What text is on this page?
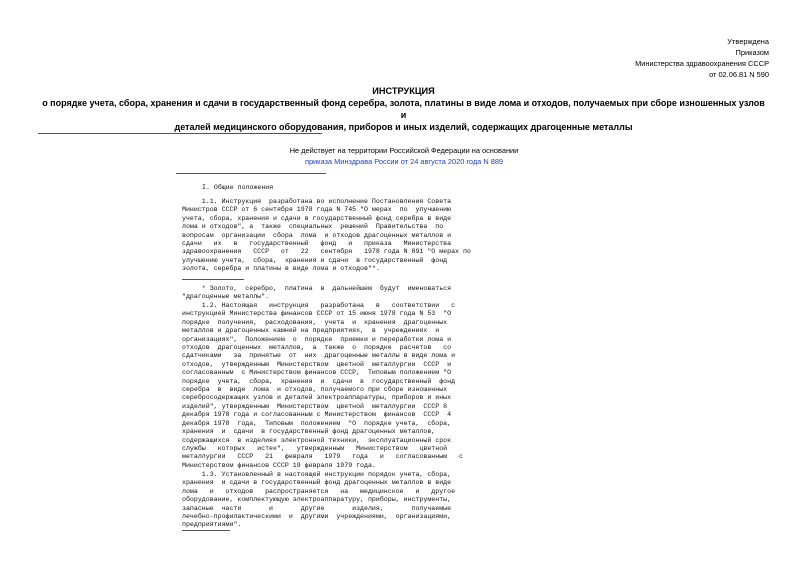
Утверждена
Приказом
Министерства здравоохранения СССР
от 02.06.81 N 590
ИНСТРУКЦИЯ
о порядке учета, сбора, хранения и сдачи в государственный фонд серебра, золота, платины в виде лома и отходов, получаемых при сборе изношенных узлов и
деталей медицинского оборудования, приборов и иных изделий, содержащих драгоценные металлы
Не действует на территории Российской Федерации на основании
приказа Минздрава России от 24 августа 2020 года N 889
I. Общие положения
1.1. Инструкция  разработана во исполнение Постановления Совета
Министров СССР от 6 сентября 1978 года N 745 "О мерах  по  улучшению
учета, сбора, хранения и сдачи в государственный фонд серебра в виде
лома и отходов", а  также  специальных  решений  Правительства  по
вопросам  организации  сбора  лома  и отходов драгоценных металлов и
сдачи   их   в   государственный   фонд   и   приказа   Министерства
здравоохранения   СССР   от   22   сентября   1978 года N 891 "О мерах по
улучшению учета,  сбора,  хранения и сдачи  в государственный  фонд
золота, серебра и платины в виде лома и отходов"*.
* Золото,  серебро,  платина  в  дальнейшем  будут  именоваться
"драгоценные металлы".
1.2. Настоящая   инструкция   разработана   в   соответствии   с
инструкцией Министерства финансов СССР от 15 июня 1978 года N 53  "О
порядке  получения,  расходования,  учета  и  хранения  драгоценных
металлов и драгоценных камней на предприятиях,  в  учреждениях  и
организациях",  Положением  о  порядке  приемки и переработки лома и
отходов  драгоценных  металлов,  а  также  о  порядке  расчетов   со
сдатчиками   за  принятые  от  них  драгоценные металлы в виде лома и
отходов,  утвержденным  Министерством  цветной  металлургии  СССР  и
согласованным  с Министерством финансов СССР,  Типовым положением "О
порядке  учета,  сбора,  хранения  и  сдачи  в  государственный  фонд
серебра  в  виде  лома  и отходов, получаемого при сборе изношенных
серебросодержащих узлов и деталей электроаппаратуры, приборов и иных
изделий", утвержденным  Министерством  цветной  металлургии  СССР 8
декабря 1978 года и согласованным с Министерством  финансов  СССР  4
декабря 1978  года,  Типовым  положением  "О  порядке учета,  сбора,
хранения  и  сдачи  в государственный фонд драгоценных металлов,
содержащихся  в изделиях электронной техники,  эксплуатационный срок
службы   которых   истек",   утвержденным   Министерством   цветной
металлургии   СССР   21   февраля   1979   года   и   согласованным   с
Министерством финансов СССР 19 февраля 1979 года.
1.3. Установленный в настоящей инструкции порядок учета, сбора,
хранения  и сдачи в государственный фонд драгоценных металлов в виде
лома   и   отходов   распространяется   на   медицинское   и   другое
оборудование, комплектующую электроаппаратуру, приборы, инструменты,
запасные  части       и       другие       изделия,       получаемые
лечебно-профилактическими  и  другими  учреждениями,  организациями,
предприятиями".
